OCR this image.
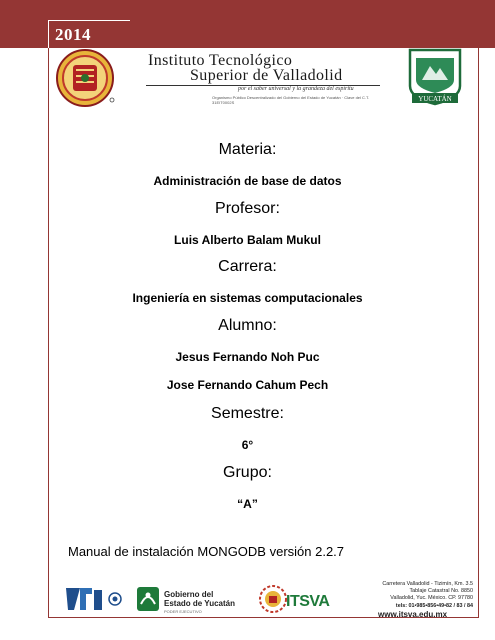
2014
Instituto Tecnológico
Superior de Valladolid
por el saber universal y la grandeza del espíritu
Organismo Público Descentralizado del Gobierno del Estado de Yucatán · Clave del C.T. 31EIT0002S	YUCATÁN
Materia:
Administración de base de datos
Profesor:
Luis Alberto Balam Mukul
Carrera:
Ingeniería en sistemas computacionales
Alumno:
Jesus Fernando Noh Puc
Jose Fernando Cahum Pech
Semestre:
6°
Grupo:
“A”
Manual de instalación MONGODB versión 2.2.7
Gobierno del
Estado de Yucatán
PODER EJECUTIVO
ITSVA
Carretera Valladolid - Tizimín, Km. 3.5
Tablaje Catastral No. 8850
Valladolid, Yuc. México. CP. 97780
tels: 01•985•856•49•82 / 83 / 84
www.itsva.edu.mx
